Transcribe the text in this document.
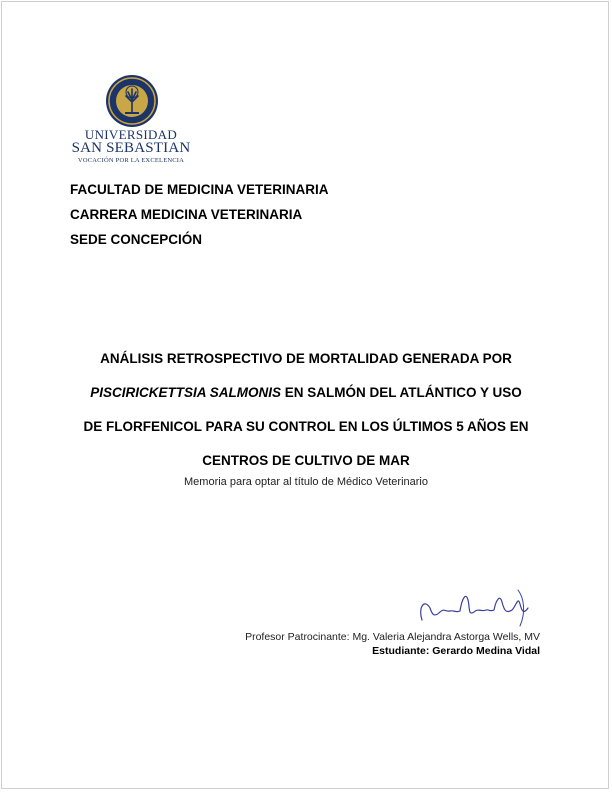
UNIVERSIDAD
SAN SEBASTIAN
VOCACIÓN POR LA EXCELENCIA
FACULTAD DE MEDICINA VETERINARIA
CARRERA MEDICINA VETERINARIA
SEDE CONCEPCIÓN
ANÁLISIS RETROSPECTIVO DE MORTALIDAD GENERADA POR
PISCIRICKETTSIA SALMONIS EN SALMÓN DEL ATLÁNTICO Y USO
DE FLORFENICOL PARA SU CONTROL EN LOS ÚLTIMOS 5 AÑOS EN
CENTROS DE CULTIVO DE MAR
Memoria para optar al título de Médico Veterinario
Profesor Patrocinante: Mg. Valeria Alejandra Astorga Wells, MV
Estudiante: Gerardo Medina Vidal
